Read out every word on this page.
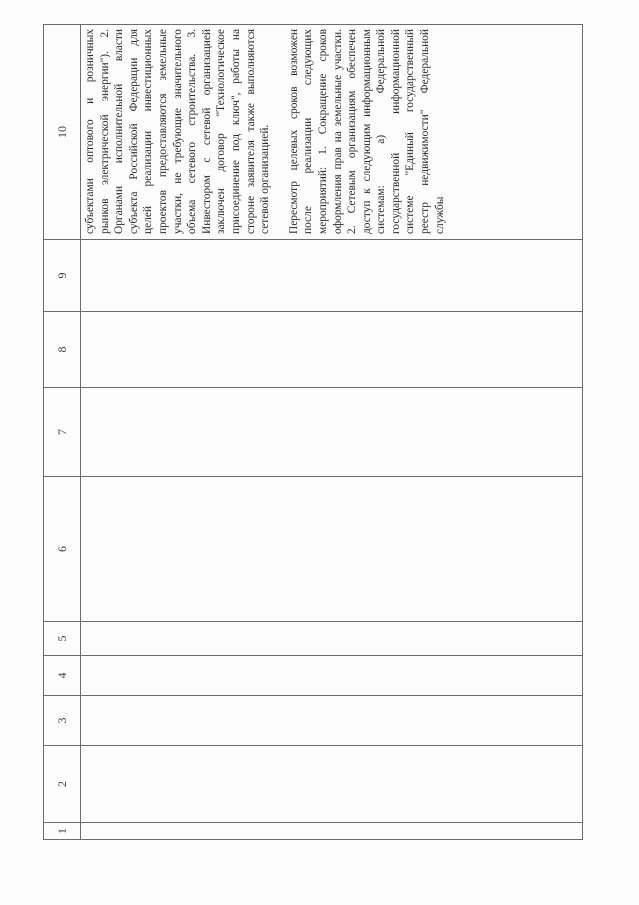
1	2	3	4	5	6	7	8	9	10

									субъектами оптового и розничных рынков электрической энергии"). 2. Органами исполнительной власти субъекта Российской Федерации для целей реализации инвестиционных проектов предоставляются земельные участки, не требующие значительного объема сетевого строительства. 3. Инвестором с сетевой организацией заключен договор "Технологическое присоединение под ключ", работы на стороне заявителя также выполняются сетевой организацией. Пересмотр целевых сроков возможен после реализации следующих мероприятий: 1. Сокращение сроков оформления прав на земельные участки. 2. Сетевым организациям обеспечен доступ к следующим информационным системам: а) Федеральной государственной информационной системе "Единый государственный реестр недвижимости" Федеральной службы
